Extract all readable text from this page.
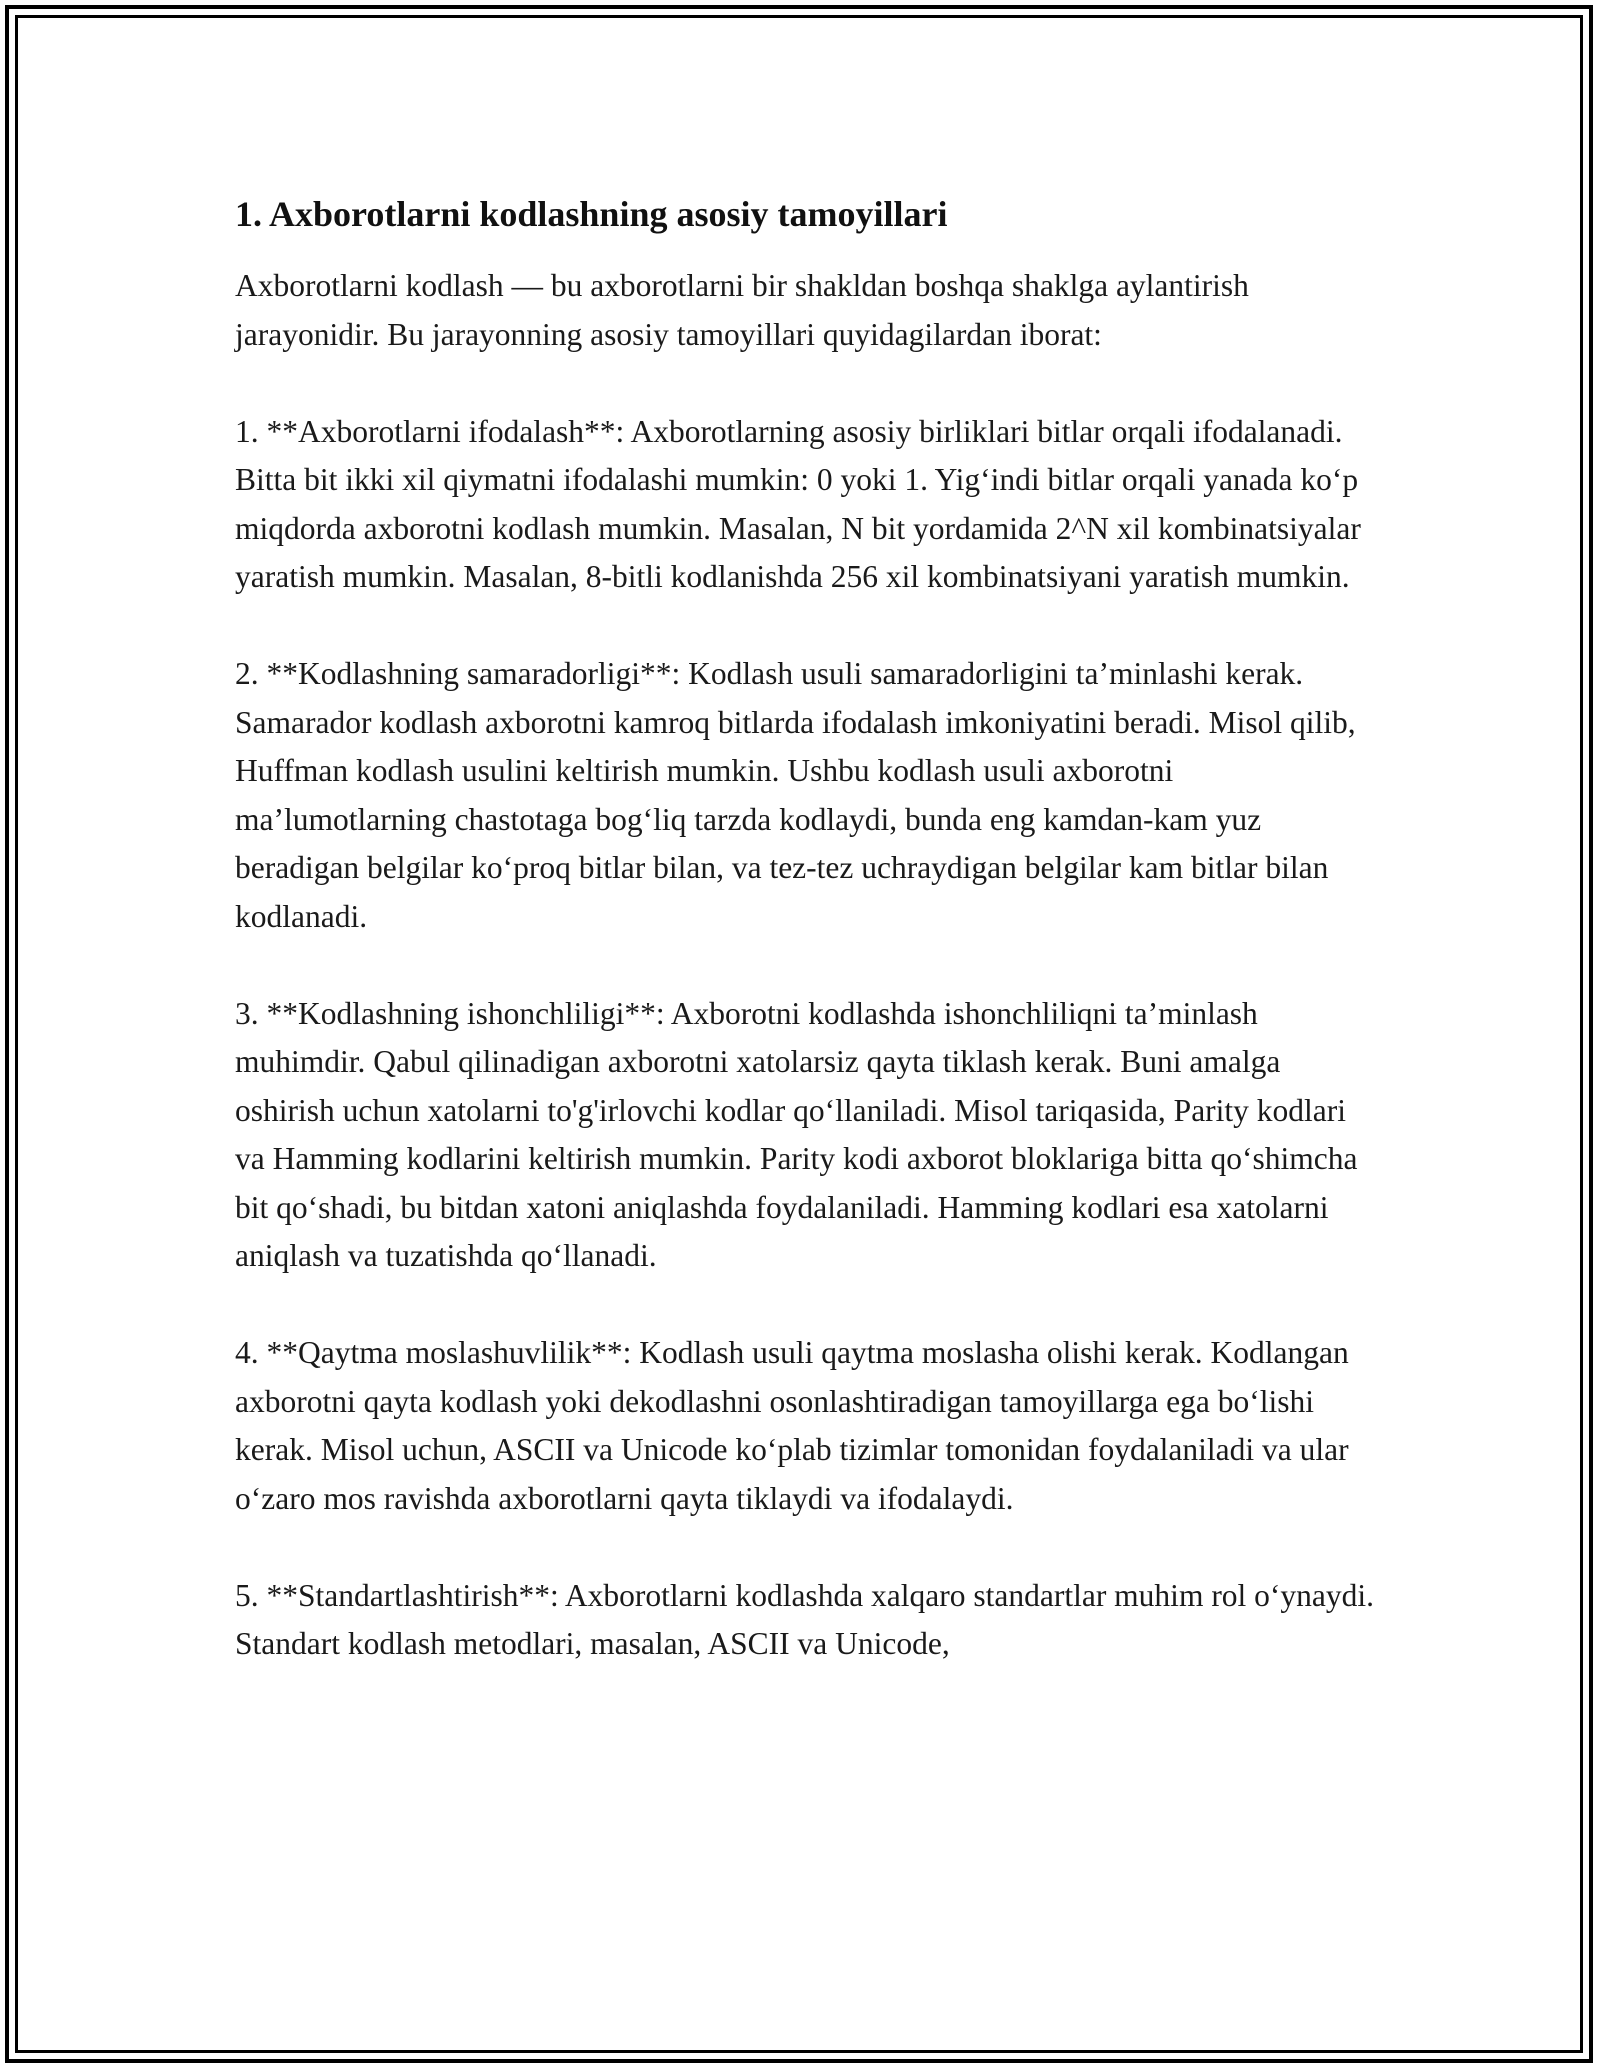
1. Axborotlarni kodlashning asosiy tamoyillari

Axborotlarni kodlash — bu axborotlarni bir shakldan boshqa shaklga aylantirish jarayonidir. Bu jarayonning asosiy tamoyillari quyidagilardan iborat:

1. **Axborotlarni ifodalash**: Axborotlarning asosiy birliklari bitlar orqali ifodalanadi. Bitta bit ikki xil qiymatni ifodalashi mumkin: 0 yoki 1. Yig‘indi bitlar orqali yanada ko‘p miqdorda axborotni kodlash mumkin. Masalan, N bit yordamida 2^N xil kombinatsiyalar yaratish mumkin. Masalan, 8-bitli kodlanishda 256 xil kombinatsiyani yaratish mumkin.

2. **Kodlashning samaradorligi**: Kodlash usuli samaradorligini ta’minlashi kerak. Samarador kodlash axborotni kamroq bitlarda ifodalash imkoniyatini beradi. Misol qilib, Huffman kodlash usulini keltirish mumkin. Ushbu kodlash usuli axborotni ma’lumotlarning chastotaga bog‘liq tarzda kodlaydi, bunda eng kamdan-kam yuz beradigan belgilar ko‘proq bitlar bilan, va tez-tez uchraydigan belgilar kam bitlar bilan kodlanadi.

3. **Kodlashning ishonchliligi**: Axborotni kodlashda ishonchliliqni ta’minlash muhimdir. Qabul qilinadigan axborotni xatolarsiz qayta tiklash kerak. Buni amalga oshirish uchun xatolarni to'g'irlovchi kodlar qo‘llaniladi. Misol tariqasida, Parity kodlari va Hamming kodlarini keltirish mumkin. Parity kodi axborot bloklariga bitta qo‘shimcha bit qo‘shadi, bu bitdan xatoni aniqlashda foydalaniladi. Hamming kodlari esa xatolarni aniqlash va tuzatishda qo‘llanadi.

4. **Qaytma moslashuvlilik**: Kodlash usuli qaytma moslasha olishi kerak. Kodlangan axborotni qayta kodlash yoki dekodlashni osonlashtiradigan tamoyillarga ega bo‘lishi kerak. Misol uchun, ASCII va Unicode ko‘plab tizimlar tomonidan foydalaniladi va ular o‘zaro mos ravishda axborotlarni qayta tiklaydi va ifodalaydi.

5. **Standartlashtirish**: Axborotlarni kodlashda xalqaro standartlar muhim rol o‘ynaydi. Standart kodlash metodlari, masalan, ASCII va Unicode,
